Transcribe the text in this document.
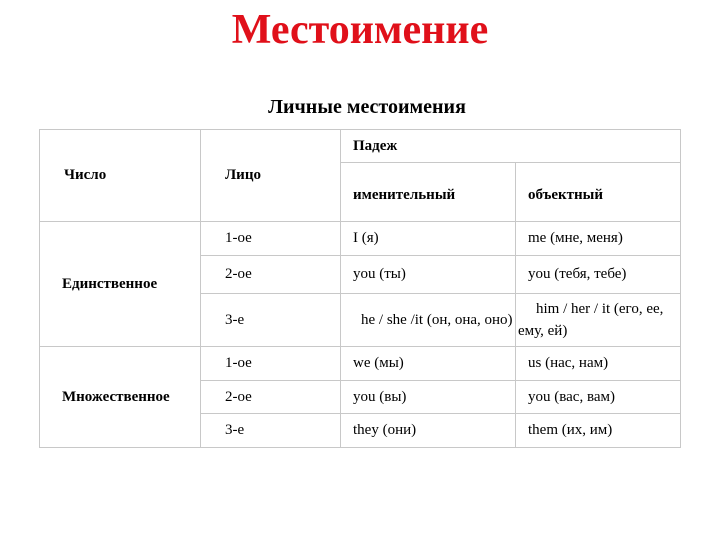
Местоимение
Личные местоимения
Число	Лицо	Падеж	
		именительный	объектный
Единственное	1-ое	I (я)	me (мне, меня)
	2-ое	you (ты)	you (тебя, тебе)
	3-е	he / she /it (он, она, оно)	him / her / it (его, ее, ему, ей)
Множественное	1-ое	we (мы)	us (нас, нам)
	2-ое	you (вы)	you (вас, вам)
	3-е	they (они)	them (их, им)
